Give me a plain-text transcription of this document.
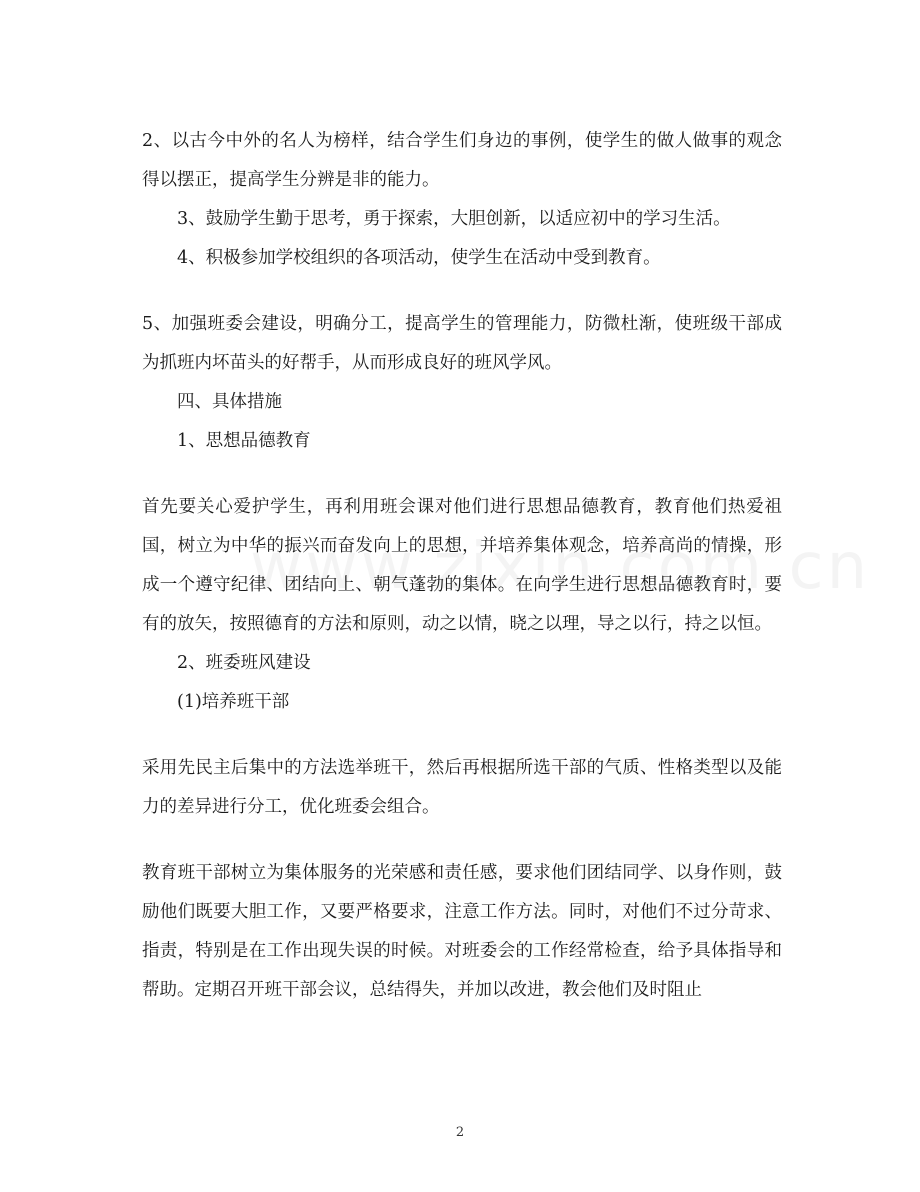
2、以古今中外的名人为榜样，结合学生们身边的事例，使学生的做人做事的观念得以摆正，提高学生分辨是非的能力。

3、鼓励学生勤于思考，勇于探索，大胆创新，以适应初中的学习生活。

4、积极参加学校组织的各项活动，使学生在活动中受到教育。

5、加强班委会建设，明确分工，提高学生的管理能力，防微杜渐，使班级干部成为抓班内坏苗头的好帮手，从而形成良好的班风学风。

四、具体措施

1、思想品德教育

首先要关心爱护学生，再利用班会课对他们进行思想品德教育，教育他们热爱祖国，树立为中华的振兴而奋发向上的思想，并培养集体观念，培养高尚的情操，形成一个遵守纪律、团结向上、朝气蓬勃的集体。在向学生进行思想品德教育时，要有的放矢，按照德育的方法和原则，动之以情，晓之以理，导之以行，持之以恒。

2、班委班风建设

(1)培养班干部

采用先民主后集中的方法选举班干，然后再根据所选干部的气质、性格类型以及能力的差异进行分工，优化班委会组合。

教育班干部树立为集体服务的光荣感和责任感，要求他们团结同学、以身作则，鼓励他们既要大胆工作，又要严格要求，注意工作方法。同时，对他们不过分苛求、指责，特别是在工作出现失误的时候。对班委会的工作经常检查，给予具体指导和帮助。定期召开班干部会议，总结得失，并加以改进，教会他们及时阻止

2
